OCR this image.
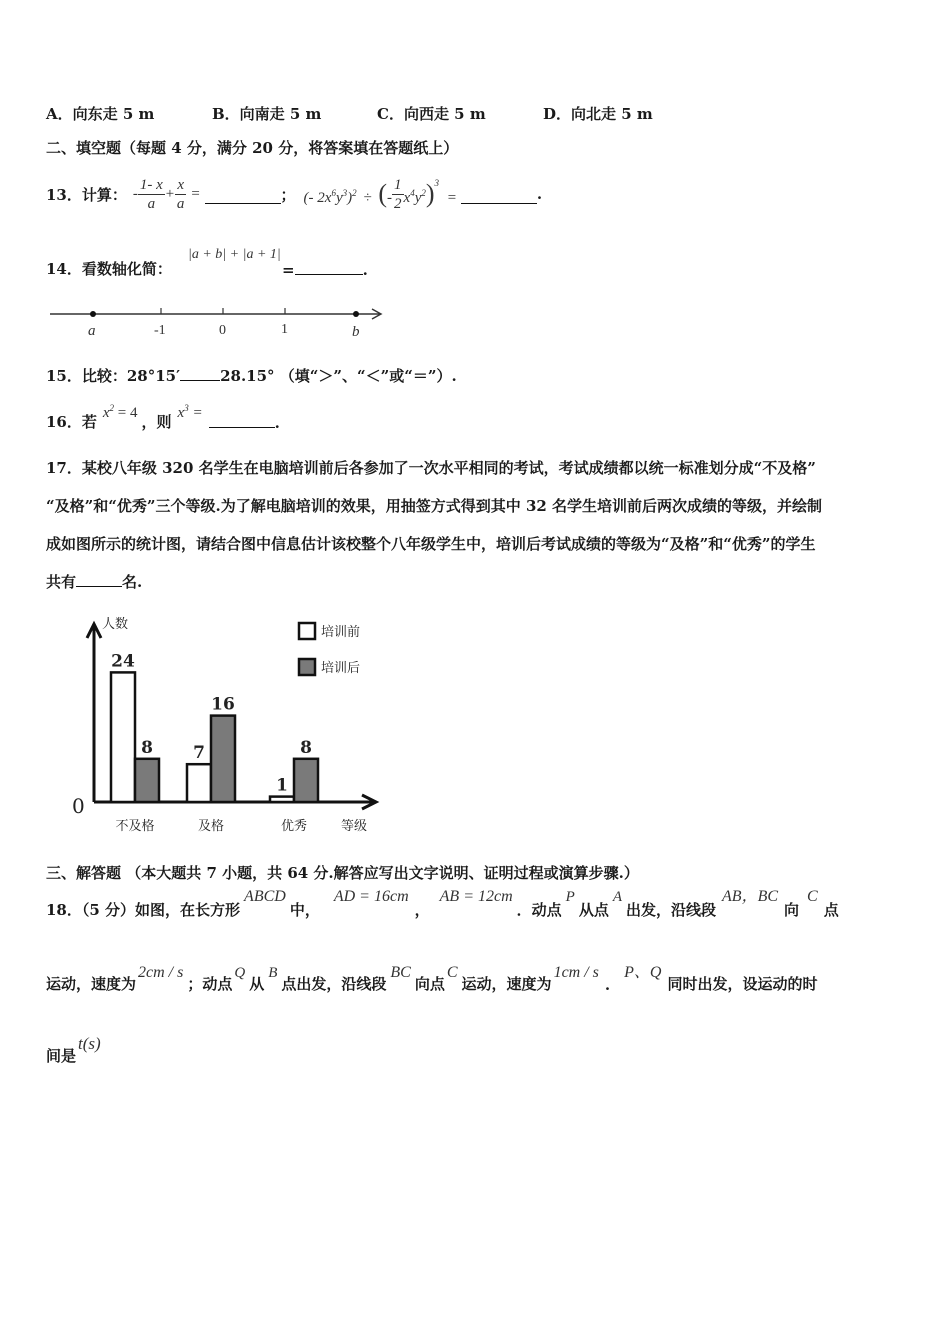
A．向东走 5 m	B．向南走 5 m	C．向西走 5 m	D．向北走 5 m
二、填空题（每题 4 分，满分 20 分，将答案填在答题纸上）
13．计算： - $\frac{1- x}{a} + \frac{x}{a}$ =	； (- $2x^6y^3)^2$ ÷ (- $\frac{1}{2} x^4y^2)^3$ =	.
14．看数轴化简：
|a + b| + |a + 1|
=	.
a	-1	0	1	b
15．比较：28°15′	28.15° （填“＞”、“＜”或“＝”）.
16．若 $x^2 = 4$ ，则 $x^3$ =
.
17．某校八年级 320 名学生在电脑培训前后各参加了一次水平相同的考试，考试成绩都以统一标准划分成“不及格”
“及格”和“优秀”三个等级.为了解电脑培训的效果，用抽签方式得到其中 32 名学生培训前后两次成绩的等级，并绘制
成如图所示的统计图，请结合图中信息估计该校整个八年级学生中，培训后考试成绩的等级为“及格”和“优秀”的学生
共有	名.
人数
0
等级
24
8 7
16
1
8
培训前
培训后
不及格	及格	优秀
三、解答题 （本大题共 7 小题，共 64 分.解答应写出文字说明、证明过程或演算步骤.）
18．（5 分）如图，在长方形
ABCD
中，
AD = 16cm
，
AB = 12cm
．动点
P
从点
A
出发，沿线段
AB，BC
向
C
点
运动，速度为
2cm / s
；动点
Q
从
B
点出发，沿线段
BC
向点
C
运动，速度为
1cm / s
.
P、Q
同时出发，设运动的时
间是
t(s)
